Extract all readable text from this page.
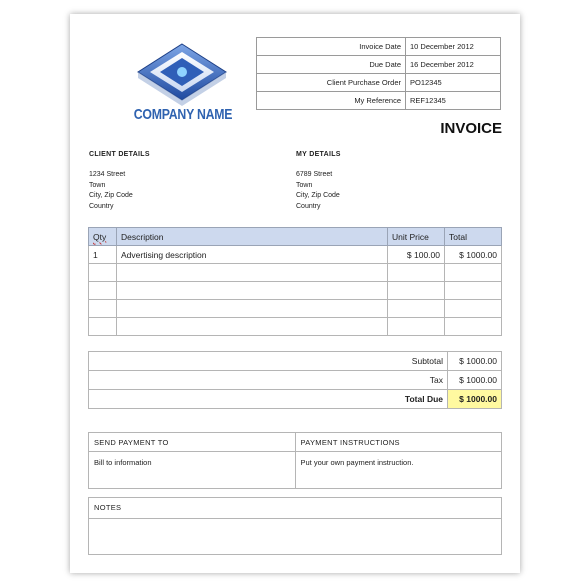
COMPANY NAME
Invoice Date	10 December 2012
Due Date	16 December 2012
Client Purchase Order	PO12345
My Reference	REF12345
INVOICE
CLIENT DETAILS
1234 Street
Town
City, Zip Code
Country
MY DETAILS
6789 Street
Town
City, Zip Code
Country
Qty	Description	Unit Price	Total
1	Advertising description	$ 100.00	$ 1000.00

Subtotal	$ 1000.00
Tax	$ 1000.00
Total Due	$ 1000.00
SEND PAYMENT TO	PAYMENT INSTRUCTIONS
Bill to information	Put your own payment instruction.
NOTES
